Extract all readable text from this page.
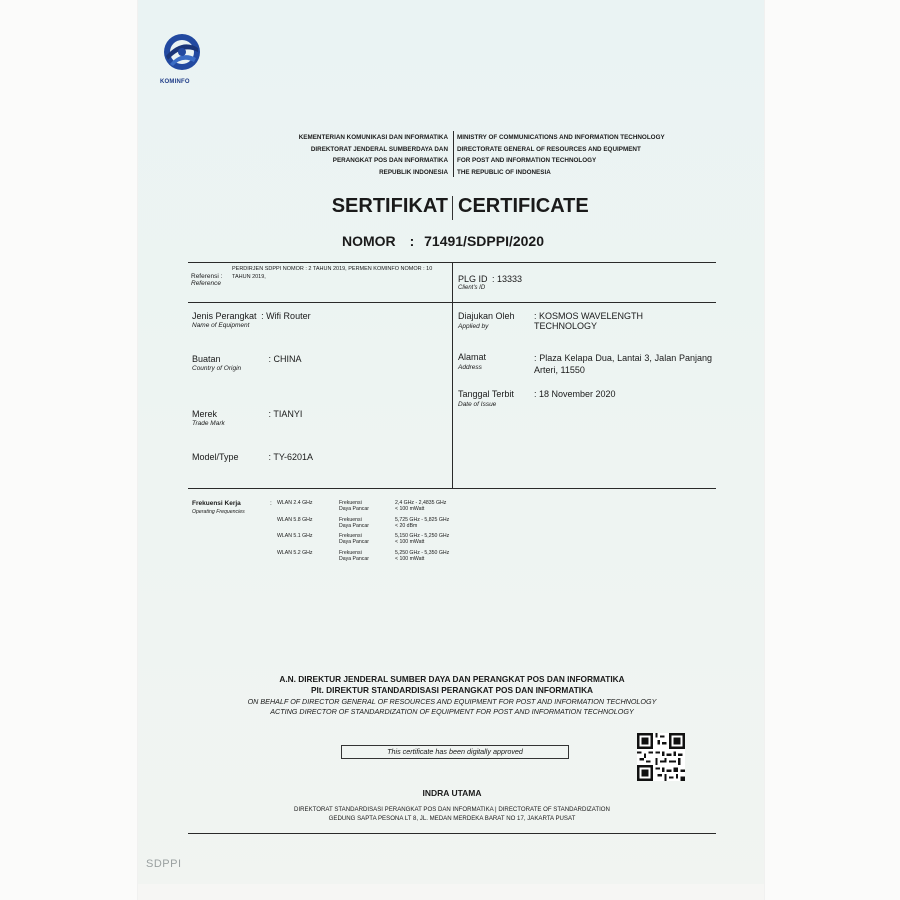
KOMINFO
KEMENTERIAN KOMUNIKASI DAN INFORMATIKA
DIREKTORAT JENDERAL SUMBERDAYA DAN
PERANGKAT POS DAN INFORMATIKA
REPUBLIK INDONESIA
MINISTRY OF COMMUNICATIONS AND INFORMATION TECHNOLOGY
DIRECTORATE GENERAL OF RESOURCES AND EQUIPMENT
FOR POST AND INFORMATION TECHNOLOGY
THE REPUBLIC OF INDONESIA
SERTIFIKAT CERTIFICATE
NOMOR : 71491/SDPPI/2020
Referensi :
Reference
PERDIRJEN SDPPI NOMOR : 2 TAHUN 2019, PERMEN KOMINFO NOMOR : 10 TAHUN 2019,	PLG ID : 13333
Client's ID
Jenis Perangkat : Wifi Router
Name of Equipment
Buatan	: CHINA
Country of Origin
Merek	: TIANYI
Trade Mark
Model/Type	: TY-6201A
Diajukan Oleh
Applied by
: KOSMOS WAVELENGTH TECHNOLOGY
Alamat
Address
: Plaza Kelapa Dua, Lantai 3, Jalan Panjang Arteri, 11550
Tanggal Terbit
Date of Issue
: 18 November 2020
Frekuensi Kerja
Operating Frequencies
: WLAN 2.4 GHz	Frekuensi	2,4 GHz - 2,4835 GHz
Daya Pancar	< 100 mWatt
WLAN 5.8 GHz	Frekuensi	5,725 GHz - 5,825 GHz
Daya Pancar	< 20 dBm
WLAN 5.1 GHz	Frekuensi	5,150 GHz - 5,250 GHz
Daya Pancar	< 100 mWatt
WLAN 5.2 GHz	Frekuensi	5,250 GHz - 5,350 GHz
Daya Pancar	< 100 mWatt
A.N. DIREKTUR JENDERAL SUMBER DAYA DAN PERANGKAT POS DAN INFORMATIKA
Plt. DIREKTUR STANDARDISASI PERANGKAT POS DAN INFORMATIKA
ON BEHALF OF DIRECTOR GENERAL OF RESOURCES AND EQUIPMENT FOR POST AND INFORMATION TECHNOLOGY
ACTING DIRECTOR OF STANDARDIZATION OF EQUIPMENT FOR POST AND INFORMATION TECHNOLOGY
This certificate has been digitally approved
INDRA UTAMA
DIREKTORAT STANDARDISASI PERANGKAT POS DAN INFORMATIKA | DIRECTORATE OF STANDARDIZATION
GEDUNG SAPTA PESONA LT 8, JL. MEDAN MERDEKA BARAT NO 17, JAKARTA PUSAT
SDPPI
